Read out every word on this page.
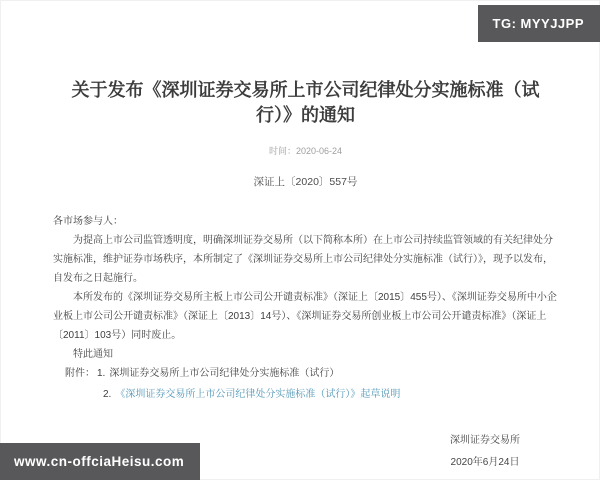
TG: MYYJJPP
关于发布《深圳证券交易所上市公司纪律处分实施标准（试行）》的通知
时间：2020-06-24
深证上〔2020〕557号

各市场参与人：

为提高上市公司监管透明度，明确深圳证券交易所（以下简称本所）在上市公司持续监管领域的有关纪律处分实施标准，维护证券市场秩序，本所制定了《深圳证券交易所上市公司纪律处分实施标准（试行）》，现予以发布，自发布之日起施行。

本所发布的《深圳证券交易所主板上市公司公开谴责标准》（深证上〔2015〕455号）、《深圳证券交易所中小企业板上市公司公开谴责标准》（深证上〔2013〕14号）、《深圳证券交易所创业板上市公司公开谴责标准》（深证上〔2011〕103号）同时废止。

特此通知

附件： 1. 深圳证券交易所上市公司纪律处分实施标准（试行）
2. 《深圳证券交易所上市公司纪律处分实施标准（试行）》起草说明
深圳证券交易所
2020年6月24日
www.cn-offciaHeisu.com
